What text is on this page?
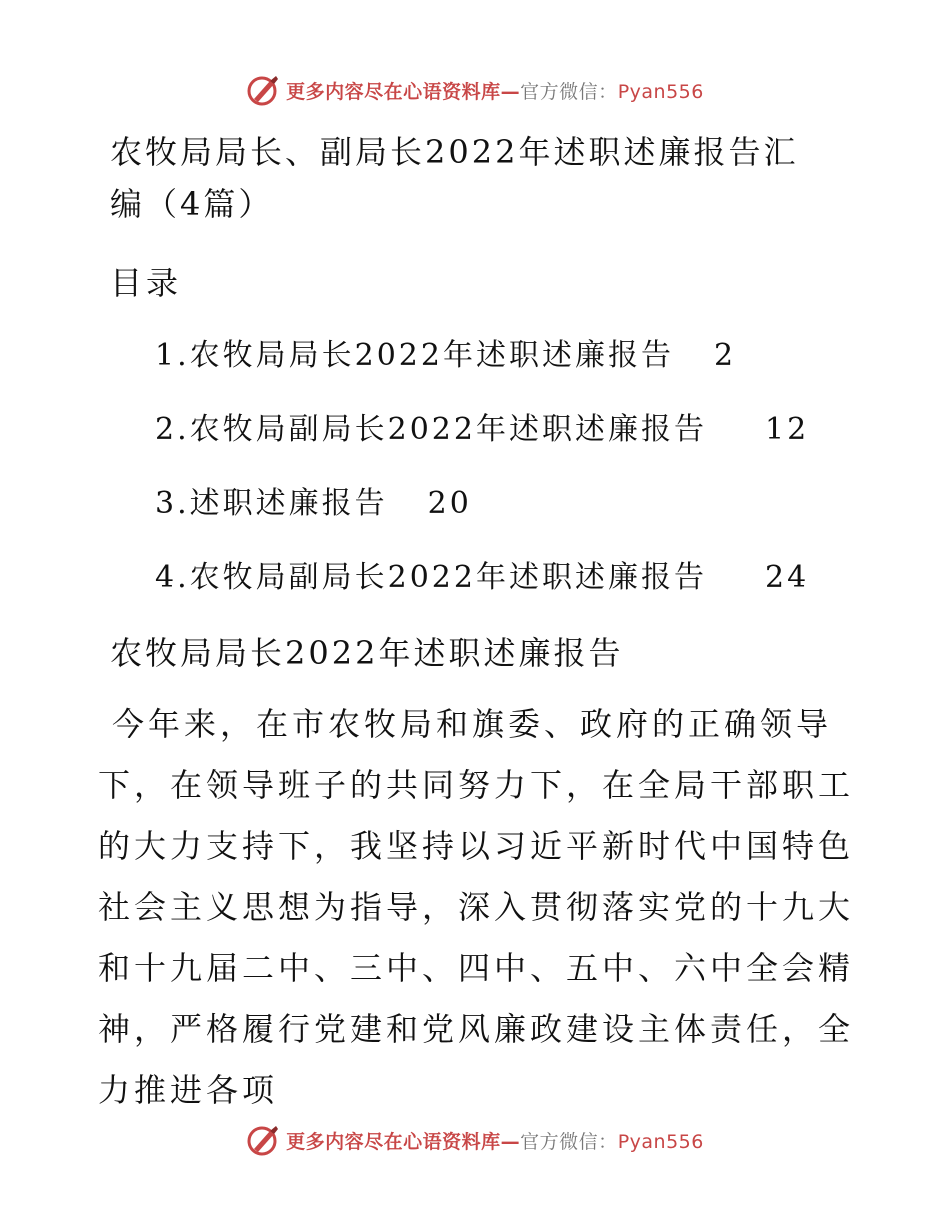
更多内容尽在心语资料库—官方微信：Pyan556
农牧局局长、副局长2022年述职述廉报告汇编（4篇）
目录
1.农牧局局长2022年述职述廉报告 2
2.农牧局副局长2022年述职述廉报告 12
3.述职述廉报告 20
4.农牧局副局长2022年述职述廉报告 24
农牧局局长2022年述职述廉报告
今年来，在市农牧局和旗委、政府的正确领导下，在领导班子的共同努力下，在全局干部职工的大力支持下，我坚持以习近平新时代中国特色社会主义思想为指导，深入贯彻落实党的十九大和十九届二中、三中、四中、五中、六中全会精神，严格履行党建和党风廉政建设主体责任，全力推进各项
更多内容尽在心语资料库—官方微信：Pyan556
